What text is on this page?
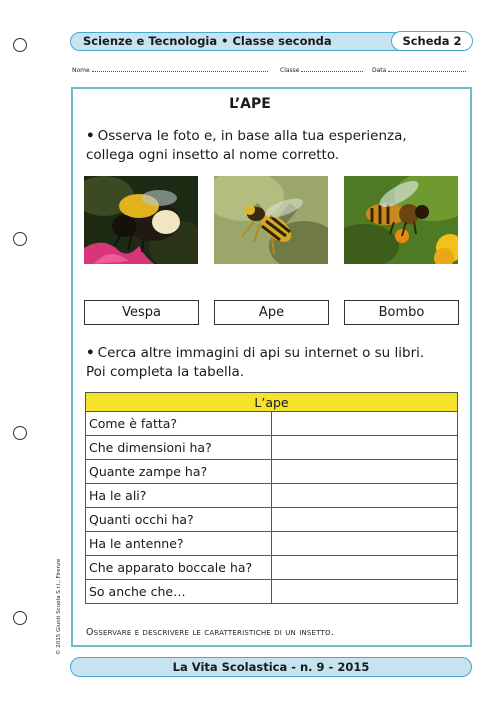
Scienze e Tecnologia • Classe seconda	Scheda 2
Nome	Classe	Data
L’APE
• Osserva le foto e, in base alla tua esperienza,
collega ogni insetto al nome corretto.
Vespa	Ape	Bombo
• Cerca altre immagini di api su internet o su libri.
Poi completa la tabella.
L’ape	
Come è fatta?	
Che dimensioni ha?	
Quante zampe ha?	
Ha le ali?	
Quanti occhi ha?	
Ha le antenne?	
Che apparato boccale ha?	
So anche che…	
Osservare e descrivere le caratteristiche di un insetto.
© 2015 Giunti Scuola S.r.l., Firenze
La Vita Scolastica - n. 9 - 2015
